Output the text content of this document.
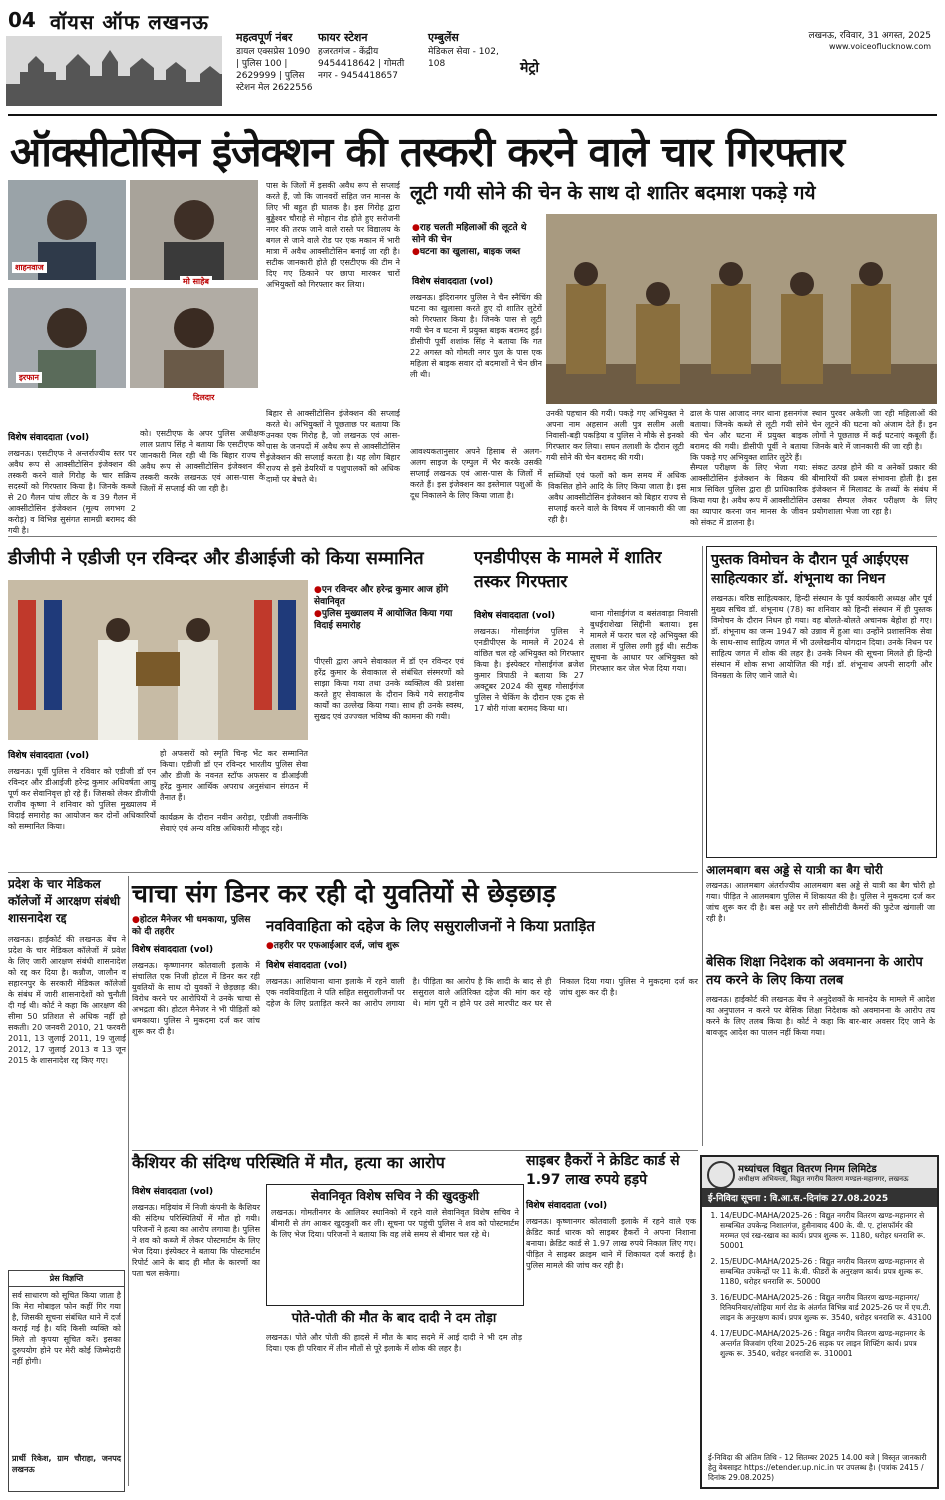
04 वॉयस ऑफ लखनऊ
महत्वपूर्ण नंबर
डायल एक्सप्रेस 1090 | पुलिस 100 | 2629999 | पुलिस स्टेशन मेल 2622556
फायर स्टेशन
हजरतगंज - केंद्रीय 9454418642 | गोमती नगर - 9454418657
एम्बुलेंस
मेडिकल सेवा - 102, 108	मेट्रो
लखनऊ, रविवार, 31 अगस्त, 2025
www.voiceoflucknow.com
ऑक्सीटोसिन इंजेक्शन की तस्करी करने वाले चार गिरफ्तार
शाहनवाज
मो साहेब
इरफान
दिलदार
विशेष संवाददाता (vol)
लखनऊ। एसटीएफ ने अन्तर्राज्यीय स्तर पर अवैध रूप से आक्सीटोसिन इंजेक्शन की तस्करी करने वाले गिरोह के चार सक्रिय सदस्यों को गिरफ्तार किया है। जिनके कब्जे से 20 गैलन पांच लीटर के व 39 गैलन में आक्सीटोसिन इंजेक्शन (मूल्य लगभग 2 करोड़) व विभिन्न सुसंगत सामग्री बरामद की गयी है।
को। एसटीएफ के अपर पुलिस अधीक्षक लाल प्रताप सिंह ने बताया कि एसटीएफ को जानकारी मिल रही थी कि बिहार राज्य से अवैध रूप से आक्सीटोसिन इंजेक्शन की तस्करी करके लखनऊ एवं आस-पास के जिलों में सप्लाई की जा रही है।
पास के जिलों में इसकी अवैध रूप से सप्लाई करते हैं, जो कि जानवरों सहित जन मानस के लिए भी बहुत ही घातक है। इस गिरोह द्वारा बुड्ढेश्वर चौराहे से मोहान रोड होते हुए सरोजनी नगर की तरफ जाने वाले रास्ते पर विद्यालय के बगल से जाने वाले रोड पर एक मकान में भारी मात्रा में अवैध आक्सीटोसिन बनाई जा रही है। सटीक जानकारी होते ही एसटीएफ की टीम ने दिए गए ठिकाने पर छापा मारकर चारों अभियुक्तों को गिरफ्तार कर लिया।
बिहार से आक्सीटोसिन इंजेक्शन की सप्लाई करते थे। अभियुक्तों ने पूछताछ पर बताया कि उनका एक गिरोह है, जो लखनऊ एवं आस-पास के जनपदों में अवैध रूप से आक्सीटोसिन इंजेक्शन की सप्लाई करता है। यह लोग बिहार राज्य से इसे डेयरियों व पशुपालकों को अधिक दामों पर बेचते थे।
आवश्यकतानुसार अपने हिसाब से अलग-अलग साइज के एम्पुल में भैर करके उसकी सप्लाई लखनऊ एवं आस-पास के जिलों में करते हैं। इस इंजेक्शन का इस्तेमाल पशुओं के दूध निकालने के लिए किया जाता है।
सब्जियों एवं फलों को कम समय में अधिक विकसित होने आदि के लिए किया जाता है। इस अवैध आक्सीटोसिन इंजेक्शन को बिहार राज्य से सप्लाई करने वाले के विषय में जानकारी की जा रही है।
सैम्पल परीक्षण के लिए भेजा गया: आक्सीटोसिन इंजेक्शन के विक्रय की मात्र सिविल पुलिस द्वारा ही प्राधिकारिक किया गया है। अवैध रूप में आक्सीटोसिन का व्यापार करना जन मानस के जीवन को संकट में डालना है।
संकट उत्पन्न होने की व अनेकों प्रकार की बीमारियों की प्रबल संभावना होती है। इस इंजेक्शन में मिलावट के तथ्यों के संबंध में उसका सैम्पल लेकर परीक्षण के लिए प्रयोगशाला भेजा जा रहा है।
लूटी गयी सोने की चेन के साथ दो शातिर बदमाश पकड़े गये
● राह चलती महिलाओं की लूटते थे सोने की चेन
● घटना का खुलासा, बाइक जब्त
विशेष संवाददाता (vol)
लखनऊ। इंदिरानगर पुलिस ने चैन स्नैचिंग की घटना का खुलासा करते हुए दो शातिर लुटेरों को गिरफ्तार किया है। जिनके पास से लूटी गयी चेन व घटना में प्रयुक्त बाइक बरामद हुई। डीसीपी पूर्वी शशांक सिंह ने बताया कि गत 22 अगस्त को गोमती नगर पुल के पास एक महिला से बाइक सवार दो बदमाशों ने चेन छीन ली थी।
उनकी पहचान की गयी। पकड़े गए अभियुक्त ने अपना नाम अहसान अली पुत्र सलीम अली निवासी-बड़ी पकड़िया व पुलिस ने मौके से इनको गिरफ्तार कर लिया। सघन तलाशी के दौरान लूटी गयी सोने की चेन बरामद की गयी।
ढाल के पास आजाद नगर थाना हसनगंज बताया। जिनके कब्जे से लूटी गयी सोने की चेन और घटना में प्रयुक्त बाइक बरामद की गयी। डीसीपी पूर्वी ने बताया कि पकड़े गए अभियुक्त शातिर लुटेरे हैं।
स्थान पुरवर अकेली जा रही महिलाओं की चेन लूटने की घटना को अंजाम देते हैं। इन लोगों ने पूछताछ में कई घटनाएं कबूली हैं। जिनके बारे में जानकारी की जा रही है।
डीजीपी ने एडीजी एन रविन्दर और डीआईजी को किया सम्मानित
● एन रविन्दर और हरेन्द्र कुमार आज होंगे सेवानिवृत
● पुलिस मुख्यालय में आयोजित किया गया विदाई समारोह
पीएसी द्वारा अपने सेवाकाल में डॉ एन रविन्दर एवं हरेंद्र कुमार के सेवाकाल से संबंधित संस्मरणों को साझा किया गया तथा उनके व्यक्तित्व की प्रशंसा करते हुए सेवाकाल के दौरान किये गये सराहनीय कार्यों का उल्लेख किया गया। साथ ही उनके स्वस्थ, सुखद एवं उज्ज्वल भविष्य की कामना की गयी।
विशेष संवाददाता (vol)
लखनऊ। पूर्वी पुलिस ने रविवार को एडीजी डॉ एन रविन्दर और डीआईजी हरेन्द्र कुमार अधिवर्षता आयु पूर्ण कर सेवानिवृत्त हो रहे हैं। जिसको लेकर डीजीपी राजीव कृष्णा ने शनिवार को पुलिस मुख्यालय में विदाई समारोह का आयोजन कर दोनों अधिकारियों को सम्मानित किया।
हो अफसरों को स्मृति चिन्ह भेंट कर सम्मानित किया। एडीजी डॉ एन रविन्दर भारतीय पुलिस सेवा और डीजी के नवनत स्टॉफ अफसर व डीआईजी हरेंद्र कुमार आर्थिक अपराध अनुसंधान संगठन में तैनात हैं।
कार्यक्रम के दौरान नवीन अरोड़ा, एडीजी तकनीकि सेवाएं एवं अन्य वरिष्ठ अधिकारी मौजूद रहे।
एनडीपीएस के मामले में शातिर तस्कर गिरफ्तार
विशेष संवाददाता (vol)
लखनऊ। गोसाईगंज पुलिस ने एनडीपीएस के मामले में 2024 से वांछित चल रहे अभियुक्त को गिरफ्तार किया है। इंस्पेक्टर गोसाईगंज ब्रजेश कुमार त्रिपाठी ने बताया कि 27 अक्टूबर 2024 की सुबह गोसाईगंज पुलिस ने चेकिंग के दौरान एक ट्रक से 17 बोरी गांजा बरामद किया था।
थाना गोसाईगंज व बसंतवाड़ा निवासी बुधईराशेखा सिद्दीनी बताया। इस मामले में फरार चल रहे अभियुक्त की तलाश में पुलिस लगी हुई थी। सटीक सूचना के आधार पर अभियुक्त को गिरफ्तार कर जेल भेज दिया गया।
पुस्तक विमोचन के दौरान पूर्व आईएएस साहित्यकार डॉ. शंभूनाथ का निधन
लखनऊ। वरिष्ठ साहित्यकार, हिन्दी संस्थान के पूर्व कार्यकारी अध्यक्ष और पूर्व मुख्य सचिव डॉ. शंभूनाथ (78) का शनिवार को हिन्दी संस्थान में ही पुस्तक विमोचन के दौरान निधन हो गया। वह बोलते-बोलते अचानक बेहोश हो गए। डॉ. शंभूनाथ का जन्म 1947 को उन्नाव में हुआ था। उन्होंने प्रशासनिक सेवा के साथ-साथ साहित्य जगत में भी उल्लेखनीय योगदान दिया। उनके निधन पर साहित्य जगत में शोक की लहर है। उनके निधन की सूचना मिलते ही हिन्दी संस्थान में शोक सभा आयोजित की गई। डॉ. शंभूनाथ अपनी सादगी और विनम्रता के लिए जाने जाते थे।
आलमबाग बस अड्डे से यात्री का बैग चोरी
लखनऊ। आलमबाग अंतर्राज्यीय आलमबाग बस अड्डे से यात्री का बैग चोरी हो गया। पीड़ित ने आलमबाग पुलिस में शिकायत की है। पुलिस ने मुकदमा दर्ज कर जांच शुरू कर दी है। बस अड्डे पर लगे सीसीटीवी कैमरों की फुटेज खंगाली जा रही है।
बेसिक शिक्षा निदेशक को अवमानना के आरोप तय करने के लिए किया तलब
लखनऊ। हाईकोर्ट की लखनऊ बेंच ने अनुदेशकों के मानदेय के मामले में आदेश का अनुपालन न करने पर बेसिक शिक्षा निदेशक को अवमानना के आरोप तय करने के लिए तलब किया है। कोर्ट ने कहा कि बार-बार अवसर दिए जाने के बावजूद आदेश का पालन नहीं किया गया।
प्रदेश के चार मेडिकल कॉलेजों में आरक्षण संबंधी शासनादेश रद्द
लखनऊ। हाईकोर्ट की लखनऊ बेंच ने प्रदेश के चार मेडिकल कॉलेजों में प्रवेश के लिए जारी आरक्षण संबंधी शासनादेश को रद्द कर दिया है। कन्नौज, जालौन व सहारनपुर के सरकारी मेडिकल कॉलेजों के संबंध में जारी शासनादेशों को चुनौती दी गई थी। कोर्ट ने कहा कि आरक्षण की सीमा 50 प्रतिशत से अधिक नहीं हो सकती। 20 जनवरी 2010, 21 फरवरी 2011, 13 जुलाई 2011, 19 जुलाई 2012, 17 जुलाई 2013 व 13 जून 2015 के शासनादेश रद्द किए गए।
चाचा संग डिनर कर रही दो युवतियों से छेड़छाड़
● होटल मैनेजर भी धमकाया, पुलिस को दी तहरीर
विशेष संवाददाता (vol)
लखनऊ। कृष्णानगर कोतवाली इलाके में संचालित एक निजी होटल में डिनर कर रही युवतियों के साथ दो युवकों ने छेड़छाड़ की। विरोध करने पर आरोपियों ने उनके चाचा से अभद्रता की। होटल मैनेजर ने भी पीड़ितों को धमकाया। पुलिस ने मुकदमा दर्ज कर जांच शुरू कर दी है।
नवविवाहिता को दहेज के लिए ससुरालीजनों ने किया प्रताड़ित
● तहरीर पर एफआईआर दर्ज, जांच शुरू
विशेष संवाददाता (vol)
लखनऊ। आशियाना थाना इलाके में रहने वाली एक नवविवाहिता ने पति सहित ससुरालीजनों पर दहेज के लिए प्रताड़ित करने का आरोप लगाया है। पीड़िता का आरोप है कि शादी के बाद से ही ससुराल वाले अतिरिक्त दहेज की मांग कर रहे थे। मांग पूरी न होने पर उसे मारपीट कर घर से निकाल दिया गया। पुलिस ने मुकदमा दर्ज कर जांच शुरू कर दी है।
कैशियर की संदिग्ध परिस्थिति में मौत, हत्या का आरोप
विशेष संवाददाता (vol)
लखनऊ। मड़ियांव में निजी कंपनी के कैशियर की संदिग्ध परिस्थितियों में मौत हो गयी। परिजनों ने हत्या का आरोप लगाया है। पुलिस ने शव को कब्जे में लेकर पोस्टमार्टम के लिए भेज दिया। इंस्पेक्टर ने बताया कि पोस्टमार्टम रिपोर्ट आने के बाद ही मौत के कारणों का पता चल सकेगा।
सेवानिवृत विशेष सचिव ने की खुदकुशी
लखनऊ। गोमतीनगर के आलियर स्थानिको में रहने वाले सेवानिवृत विशेष सचिव ने बीमारी से तंग आकर खुदकुशी कर ली। सूचना पर पहुंची पुलिस ने शव को पोस्टमार्टम के लिए भेज दिया। परिजनों ने बताया कि वह लंबे समय से बीमार चल रहे थे।
पोते-पोती की मौत के बाद दादी ने दम तोड़ा
लखनऊ। पोते और पोती की हादसे में मौत के बाद सदमे में आई दादी ने भी दम तोड़ दिया। एक ही परिवार में तीन मौतों से पूरे इलाके में शोक की लहर है।
साइबर हैकरों ने क्रेडिट कार्ड से 1.97 लाख रुपये हड़पे
विशेष संवाददाता (vol)
लखनऊ। कृष्णानगर कोतवाली इलाके में रहने वाले एक क्रेडिट कार्ड धारक को साइबर हैकरों ने अपना निशाना बनाया। क्रेडिट कार्ड से 1.97 लाख रुपये निकाल लिए गए। पीड़ित ने साइबर क्राइम थाने में शिकायत दर्ज कराई है। पुलिस मामले की जांच कर रही है।
मध्यांचल विद्युत वितरण निगम लिमिटेड
अधीक्षण अभियन्ता, विद्युत नगरीय वितरण मण्डल-महानगर, लखनऊ
ई-निविदा सूचना : वि.आ.स.-दिनांक 27.08.2025
1. 14/EUDC-MAHA/2025-26 : विद्युत नगरीय वितरण खण्ड-महानगर से सम्बन्धित उपकेन्द्र निशातगंज, हुसैनाबाद 400 के. वी. ए. ट्रांसफॉर्मर की मरम्मत एवं रख-रखाव का कार्य। प्रपत्र शुल्क रू. 1180, धरोहर धनराशि रू. 50001
2. 15/EUDC-MAHA/2025-26 : विद्युत नगरीय वितरण खण्ड-महानगर से सम्बन्धित उपकेन्द्रों पर 11 के.वी. फीडरों के अनुरक्षण कार्य। प्रपत्र शुल्क रू. 1180, धरोहर धनराशि रू. 50000
3. 16/EUDC-MAHA/2025-26 : विद्युत नगरीय वितरण खण्ड-महानगर/ रिनियनियार/लोहिया मार्ग रोड के अंतर्गत विभिन्न वार्ड 2025-26 पर में एच.टी. लाइन के अनुरक्षण कार्य। प्रपत्र शुल्क रू. 3540, धरोहर धनराशि रू. 43100
4. 17/EUDC-MAHA/2025-26 : विद्युत नगरीय वितरण खण्ड-महानगर के अन्तर्गत विजवांग एरिया 2025-26 सड़क पर लाइन शिफ्टिंग कार्य। प्रपत्र शुल्क रू. 3540, धरोहर धनराशि रू. 310001
ई-निविदा की अंतिम तिथि - 12 सितम्बर 2025 14.00 बजे | विस्तृत जानकारी हेतु वेबसाइट https://etender.up.nic.in पर उपलब्ध है। (पत्रांक 2415 / दिनांक 29.08.2025)
प्रेस विज्ञप्ति
सर्व साधारण को सूचित किया जाता है कि मेरा मोबाइल फोन कहीं गिर गया है, जिसकी सूचना संबंधित थाने में दर्ज कराई गई है। यदि किसी व्यक्ति को मिले तो कृपया सूचित करें। इसका दुरुपयोग होने पर मेरी कोई जिम्मेदारी नहीं होगी।
प्रार्थी रिकेश, ग्राम चौराहा, जनपद लखनऊ
